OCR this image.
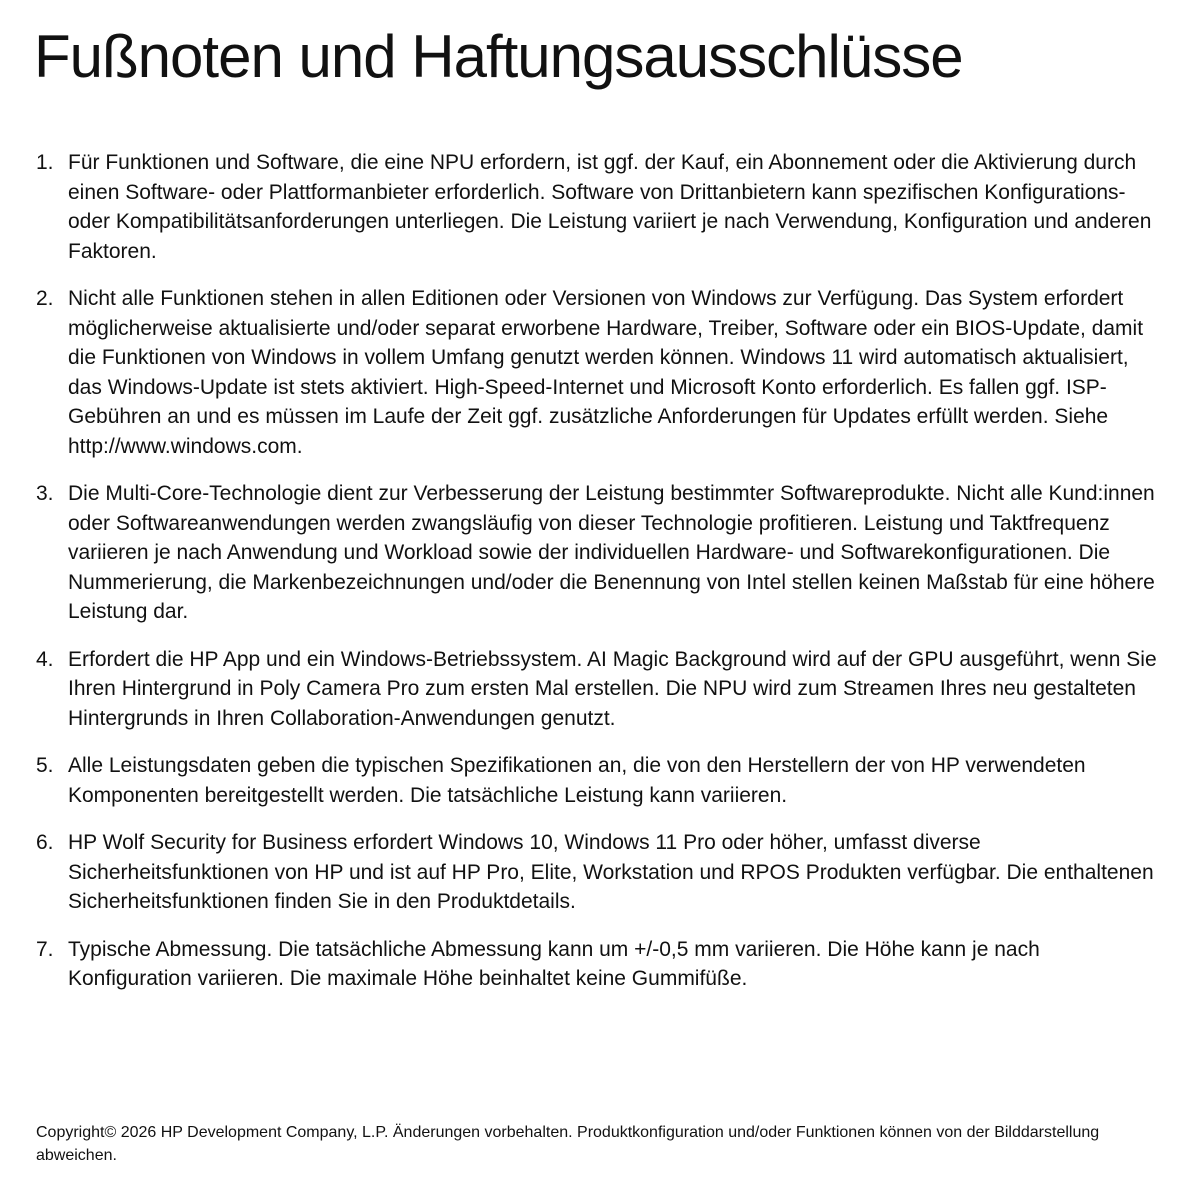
Fußnoten und Haftungsausschlüsse
1. Für Funktionen und Software, die eine NPU erfordern, ist ggf. der Kauf, ein Abonnement oder die Aktivierung durch einen Software- oder Plattformanbieter erforderlich. Software von Drittanbietern kann spezifischen Konfigurations- oder Kompatibilitätsanforderungen unterliegen. Die Leistung variiert je nach Verwendung, Konfiguration und anderen Faktoren.
2. Nicht alle Funktionen stehen in allen Editionen oder Versionen von Windows zur Verfügung. Das System erfordert möglicherweise aktualisierte und/oder separat erworbene Hardware, Treiber, Software oder ein BIOS-Update, damit die Funktionen von Windows in vollem Umfang genutzt werden können. Windows 11 wird automatisch aktualisiert, das Windows-Update ist stets aktiviert. High-Speed-Internet und Microsoft Konto erforderlich. Es fallen ggf. ISP-Gebühren an und es müssen im Laufe der Zeit ggf. zusätzliche Anforderungen für Updates erfüllt werden. Siehe http://www.windows.com.
3. Die Multi-Core-Technologie dient zur Verbesserung der Leistung bestimmter Softwareprodukte. Nicht alle Kund:innen oder Softwareanwendungen werden zwangsläufig von dieser Technologie profitieren. Leistung und Taktfrequenz variieren je nach Anwendung und Workload sowie der individuellen Hardware- und Softwarekonfigurationen. Die Nummerierung, die Markenbezeichnungen und/oder die Benennung von Intel stellen keinen Maßstab für eine höhere Leistung dar.
4. Erfordert die HP App und ein Windows-Betriebssystem. AI Magic Background wird auf der GPU ausgeführt, wenn Sie Ihren Hintergrund in Poly Camera Pro zum ersten Mal erstellen. Die NPU wird zum Streamen Ihres neu gestalteten Hintergrunds in Ihren Collaboration-Anwendungen genutzt.
5. Alle Leistungsdaten geben die typischen Spezifikationen an, die von den Herstellern der von HP verwendeten Komponenten bereitgestellt werden. Die tatsächliche Leistung kann variieren.
6. HP Wolf Security for Business erfordert Windows 10, Windows 11 Pro oder höher, umfasst diverse Sicherheitsfunktionen von HP und ist auf HP Pro, Elite, Workstation und RPOS Produkten verfügbar. Die enthaltenen Sicherheitsfunktionen finden Sie in den Produktdetails.
7. Typische Abmessung. Die tatsächliche Abmessung kann um +/-0,5 mm variieren. Die Höhe kann je nach Konfiguration variieren. Die maximale Höhe beinhaltet keine Gummifüße.

Copyright© 2026 HP Development Company, L.P. Änderungen vorbehalten. Produktkonfiguration und/oder Funktionen können von der Bilddarstellung abweichen.
